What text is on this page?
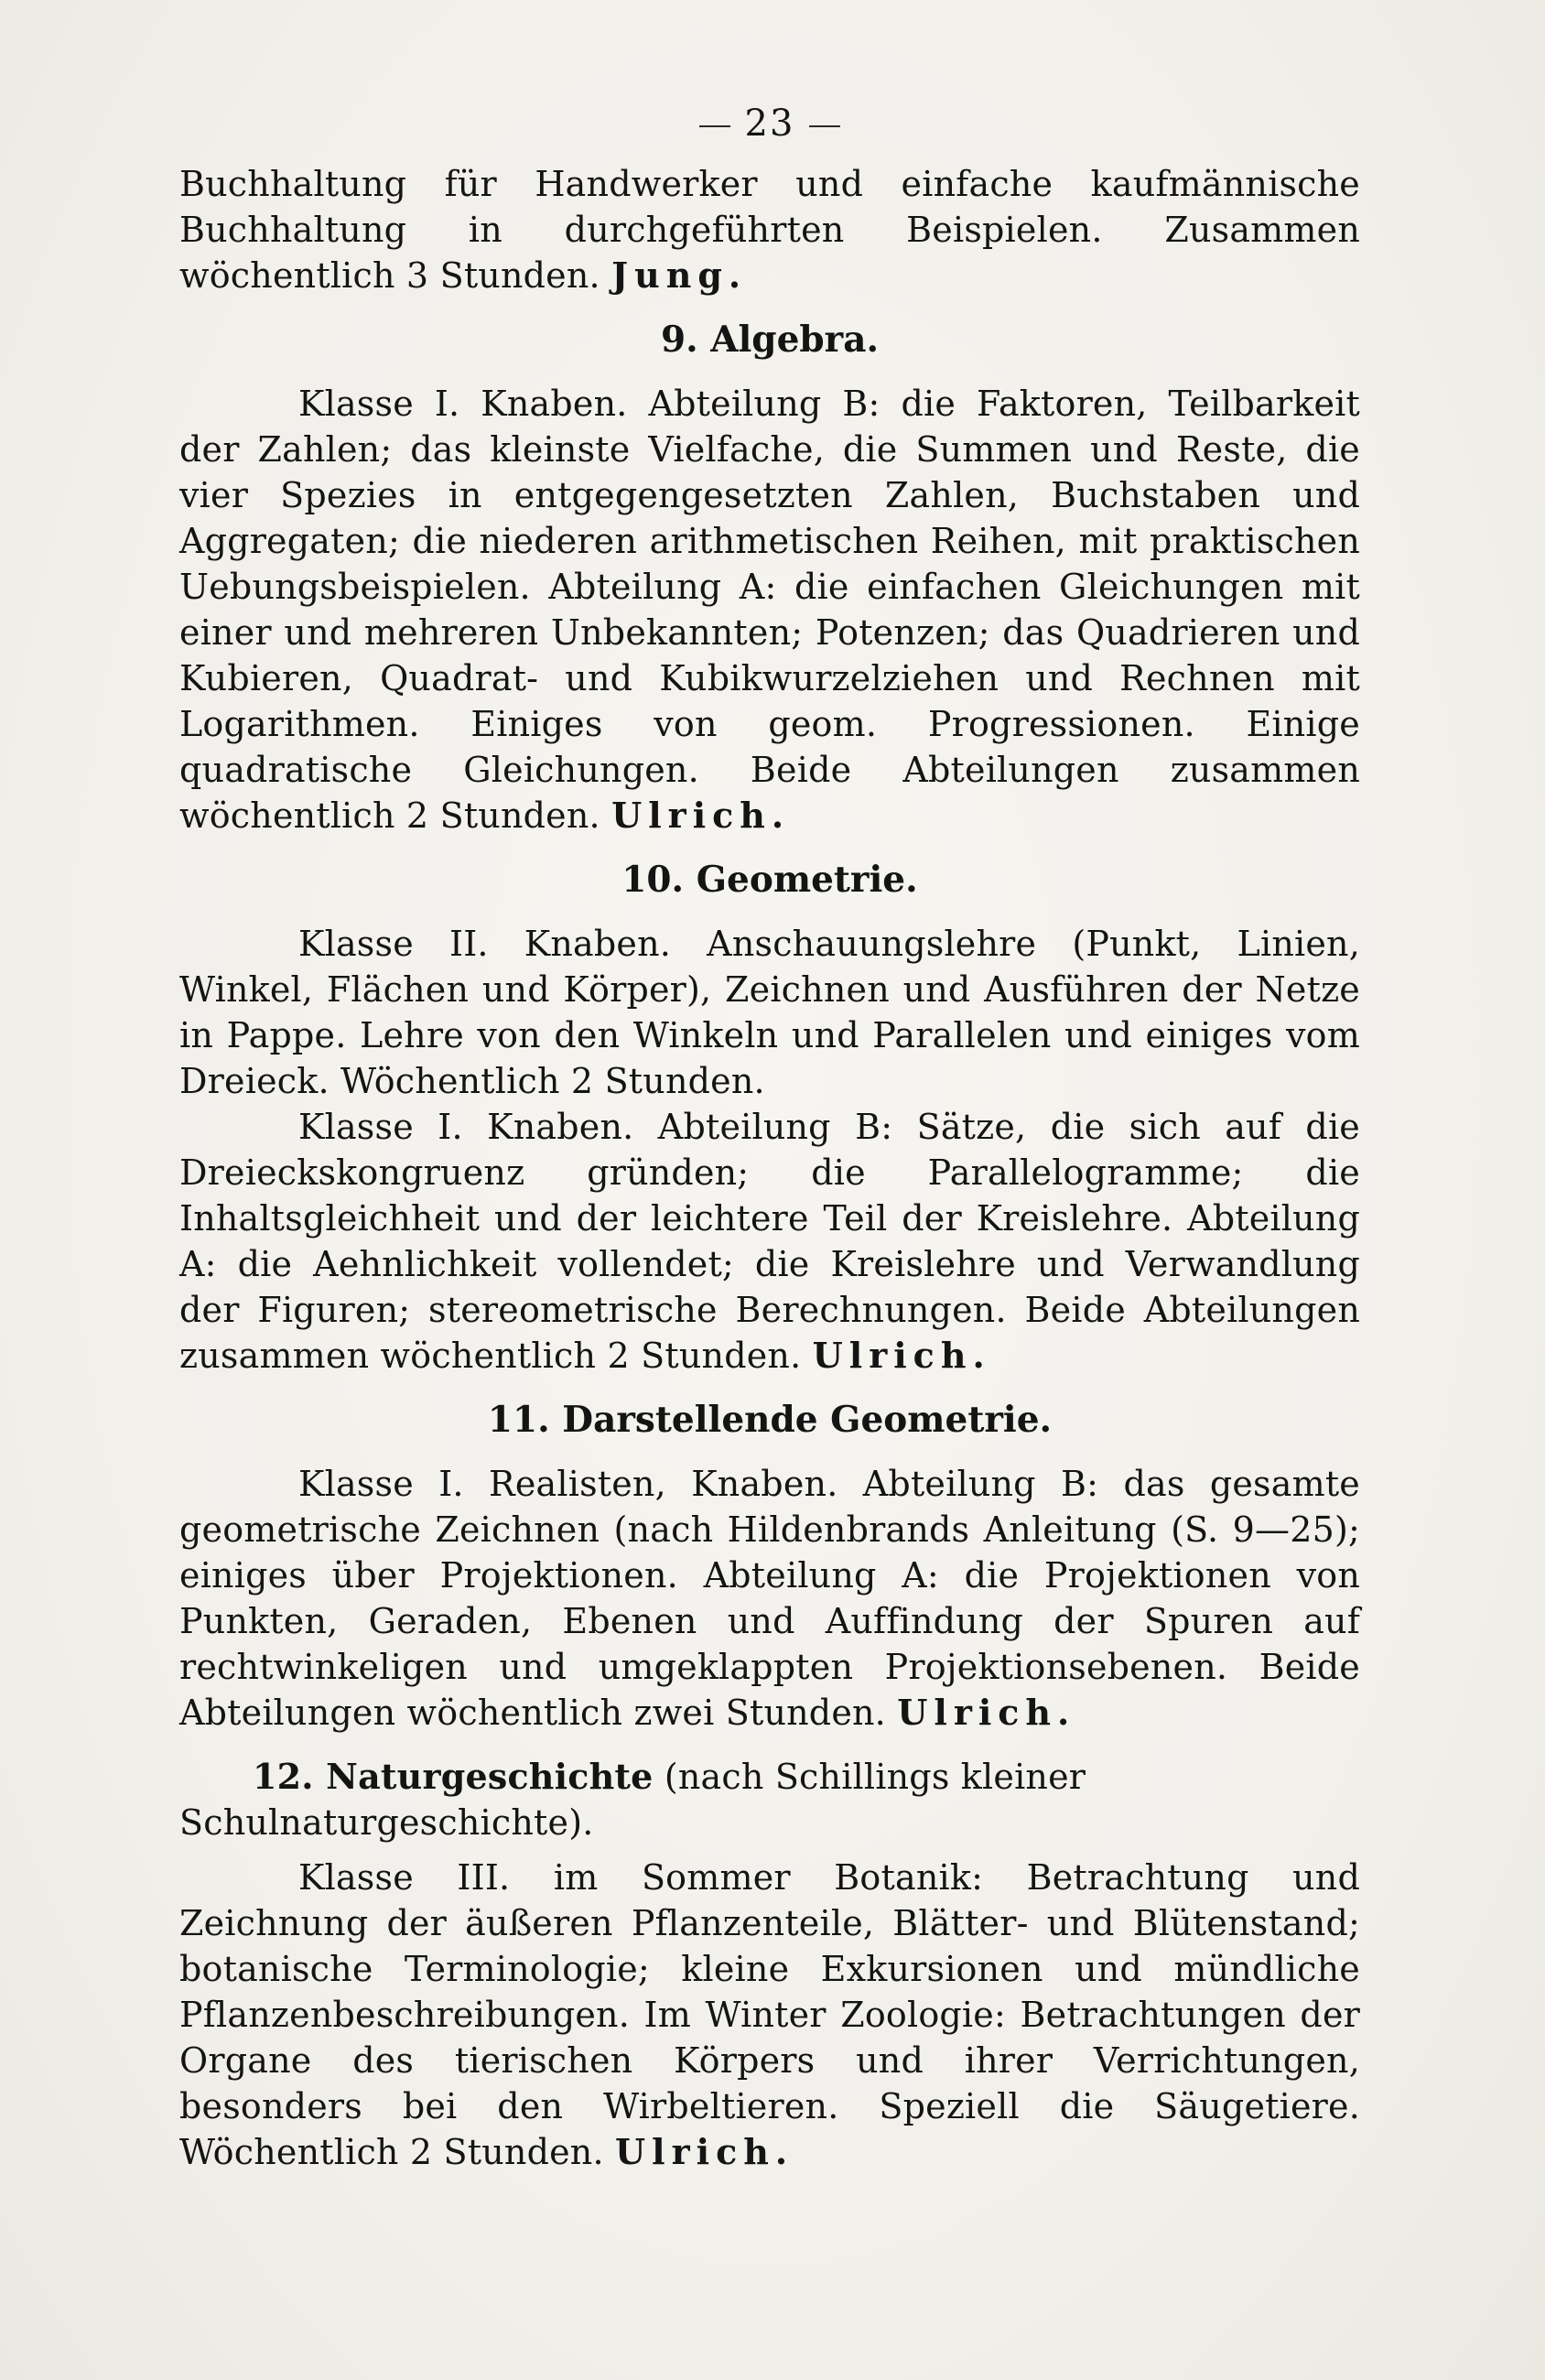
23

Buchhaltung für Handwerker und einfache kaufmännische Buchhaltung in durchgeführten Beispielen. Zusammen wöchentlich 3 Stunden. Jung.

9. Algebra.

Klasse I. Knaben. Abteilung B: die Faktoren, Teilbarkeit der Zahlen; das kleinste Vielfache, die Summen und Reste, die vier Spezies in entgegengesetzten Zahlen, Buchstaben und Aggregaten; die niederen arithmetischen Reihen, mit praktischen Uebungsbeispielen. Abteilung A: die einfachen Gleichungen mit einer und mehreren Unbekannten; Potenzen; das Quadrieren und Kubieren, Quadrat- und Kubikwurzelziehen und Rechnen mit Logarithmen. Einiges von geom. Progressionen. Einige quadratische Gleichungen. Beide Abteilungen zusammen wöchentlich 2 Stunden. Ulrich.

10. Geometrie.

Klasse II. Knaben. Anschauungslehre (Punkt, Linien, Winkel, Flächen und Körper), Zeichnen und Ausführen der Netze in Pappe. Lehre von den Winkeln und Parallelen und einiges vom Dreieck. Wöchentlich 2 Stunden.

Klasse I. Knaben. Abteilung B: Sätze, die sich auf die Dreieckskongruenz gründen; die Parallelogramme; die Inhaltsgleichheit und der leichtere Teil der Kreislehre. Abteilung A: die Aehnlichkeit vollendet; die Kreislehre und Verwandlung der Figuren; stereometrische Berechnungen. Beide Abteilungen zusammen wöchentlich 2 Stunden. Ulrich.

11. Darstellende Geometrie.

Klasse I. Realisten, Knaben. Abteilung B: das gesamte geometrische Zeichnen (nach Hildenbrands Anleitung (S. 9—25); einiges über Projektionen. Abteilung A: die Projektionen von Punkten, Geraden, Ebenen und Auffindung der Spuren auf rechtwinkeligen und umgeklappten Projektionsebenen. Beide Abteilungen wöchentlich zwei Stunden. Ulrich.

12. Naturgeschichte (nach Schillings kleiner Schulnaturgeschichte).

Klasse III. im Sommer Botanik: Betrachtung und Zeichnung der äußeren Pflanzenteile, Blätter- und Blütenstand; botanische Terminologie; kleine Exkursionen und mündliche Pflanzenbeschreibungen. Im Winter Zoologie: Betrachtungen der Organe des tierischen Körpers und ihrer Verrichtungen, besonders bei den Wirbeltieren. Speziell die Säugetiere. Wöchentlich 2 Stunden. Ulrich.
